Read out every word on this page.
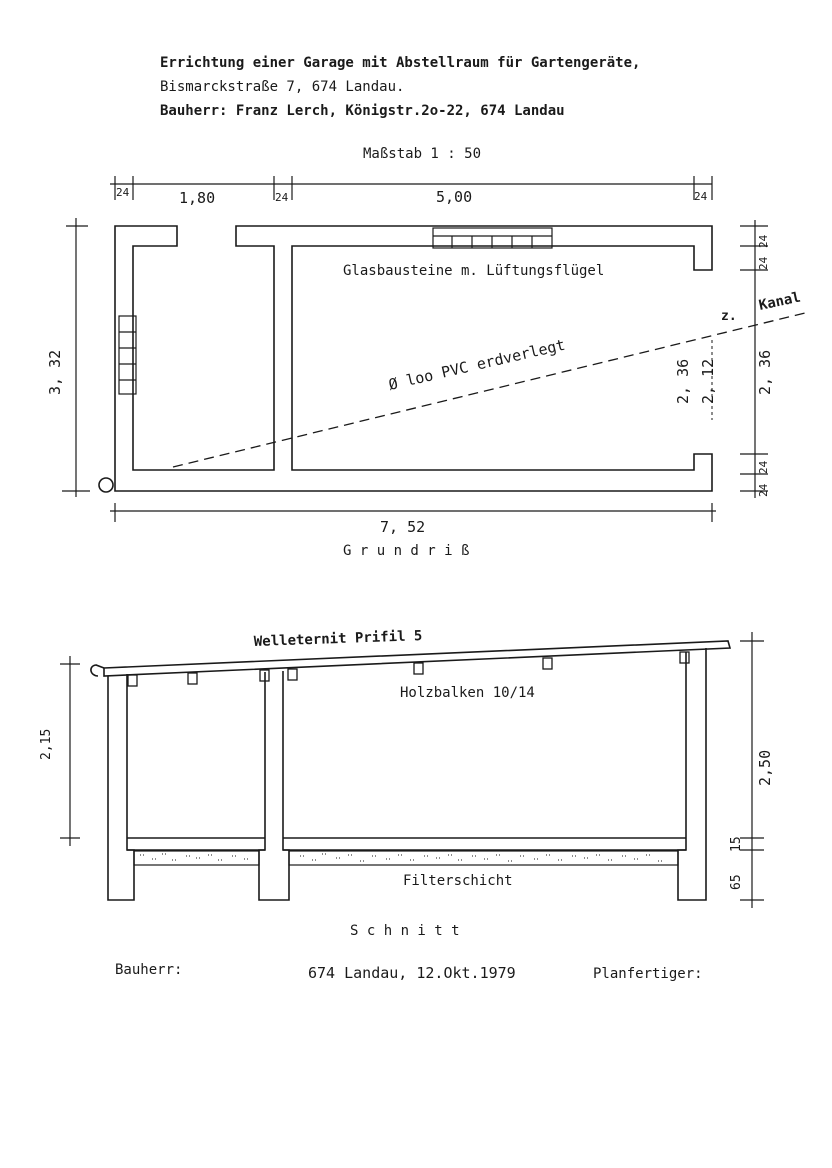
Errichtung einer Garage mit Abstellraum für Gartengeräte,
Bismarckstraße 7, 674 Landau.
Bauherr: Franz Lerch, Königstr.2o-22, 674 Landau
Maßstab 1 : 50
24	1,80	24	5,00	24
Glasbausteine m. Lüftungsflügel
Kanal
z.
Ø loo PVC erdverlegt
3, 32
7, 52
24
24
2, 36
24
24
2, 36 2, 12
G r u n d r i ß
Welleternit Prifil 5
Holzbalken 10/14
Filterschicht
2,15
2,50
15
65
S c h n i t t
Bauherr:	674 Landau, 12.Okt.1979	Planfertiger:
